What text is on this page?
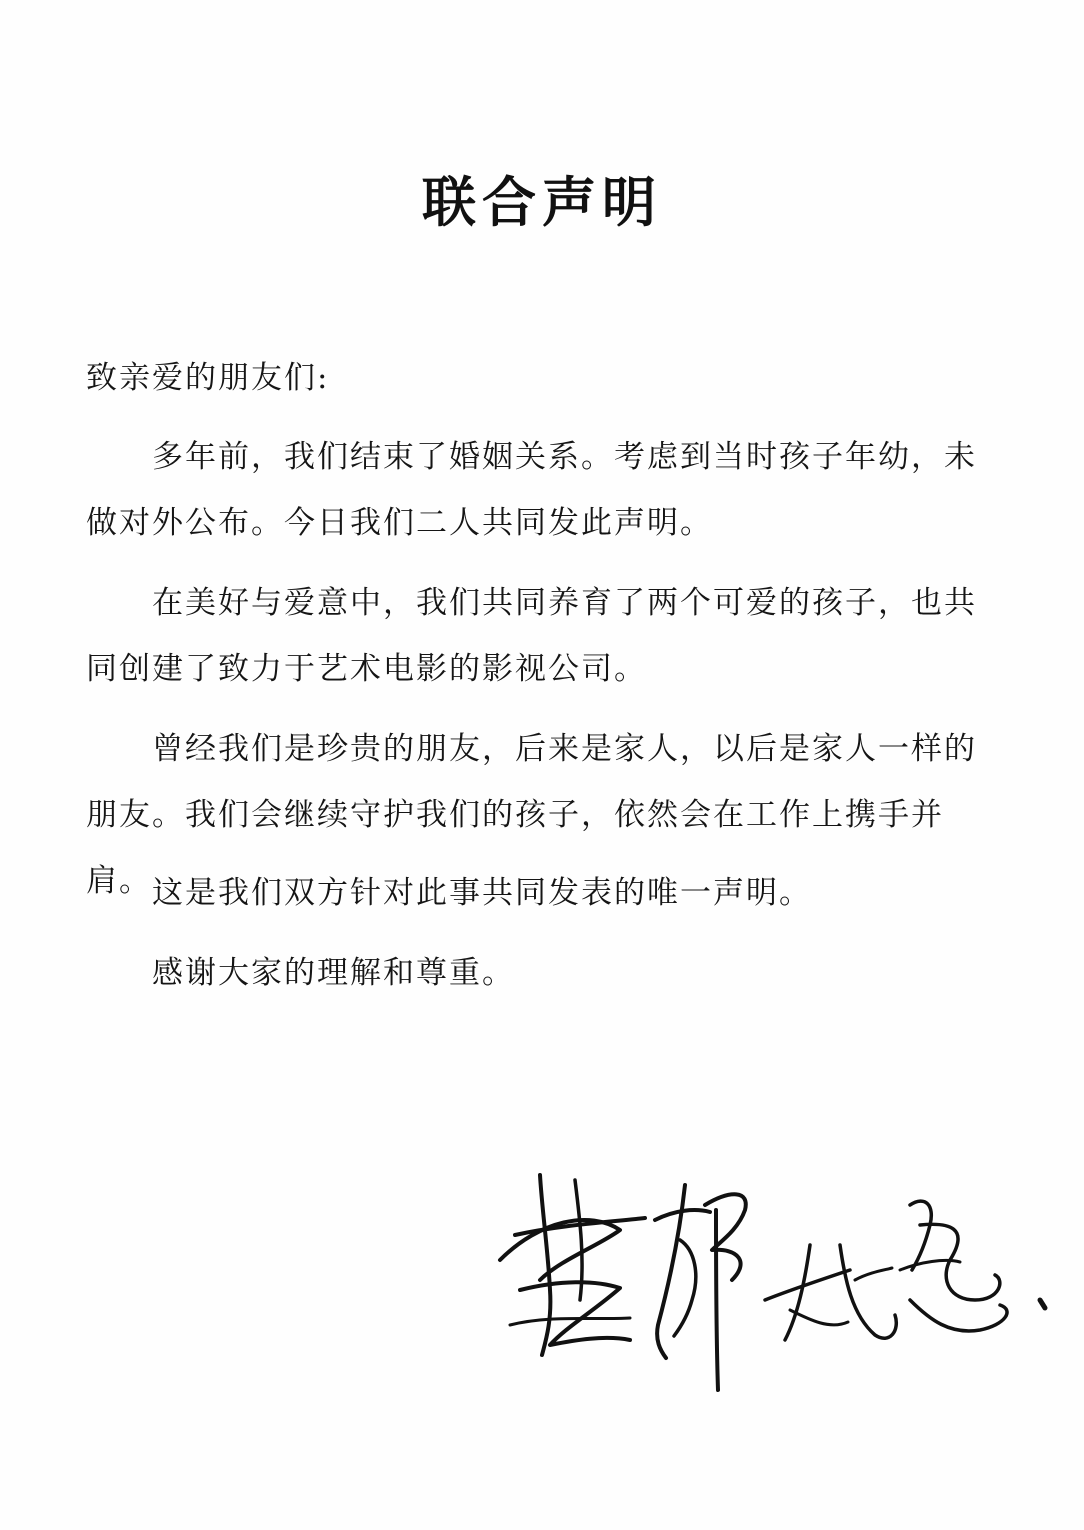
联合声明

致亲爱的朋友们:

多年前，我们结束了婚姻关系。考虑到当时孩子年幼，未做对外公布。今日我们二人共同发此声明。

在美好与爱意中，我们共同养育了两个可爱的孩子，也共同创建了致力于艺术电影的影视公司。

曾经我们是珍贵的朋友，后来是家人，以后是家人一样的朋友。我们会继续守护我们的孩子，依然会在工作上携手并肩。 这是我们双方针对此事共同发表的唯一声明。

感谢大家的理解和尊重。
